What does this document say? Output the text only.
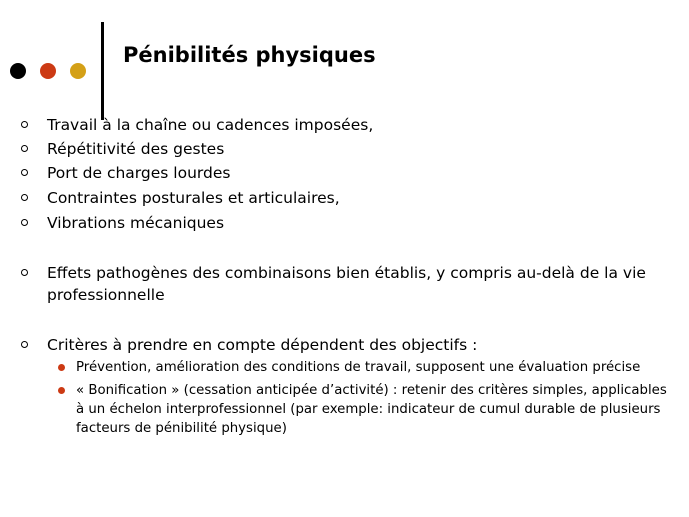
Pénibilités physiques
Travail à la chaîne ou cadences imposées,
Répétitivité des gestes
Port de charges lourdes
Contraintes posturales et articulaires,
Vibrations mécaniques
Effets pathogènes des combinaisons bien établis, y compris au-delà de la vie professionnelle
Critères à prendre en compte dépendent des objectifs :
Prévention, amélioration des conditions de travail, supposent une évaluation précise
« Bonification » (cessation anticipée d’activité) : retenir des critères simples, applicables à un échelon interprofessionnel (par exemple: indicateur de cumul durable de plusieurs facteurs de pénibilité physique)
